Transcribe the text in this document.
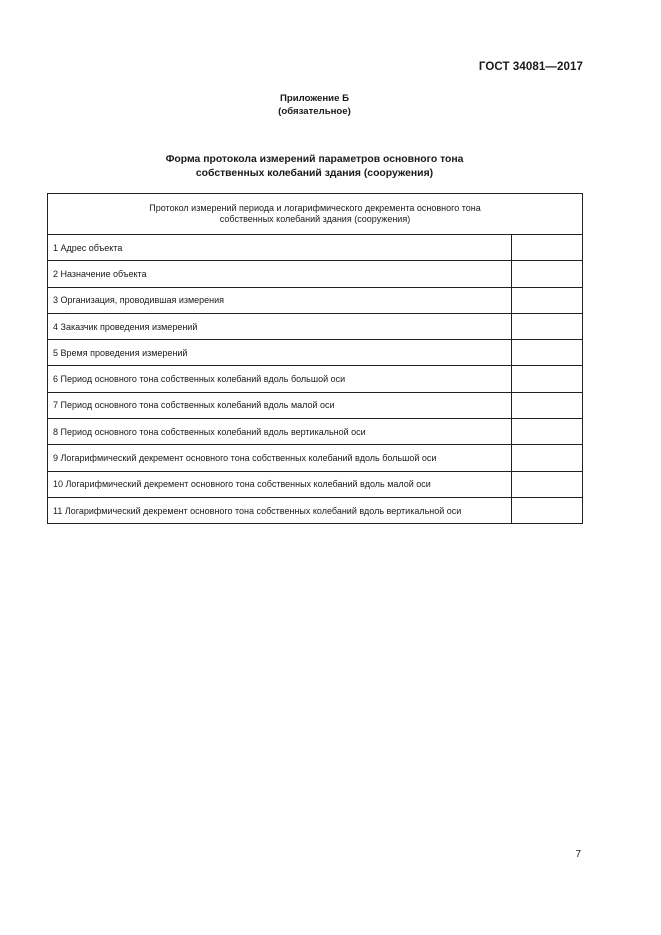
ГОСТ 34081—2017
Приложение Б
(обязательное)
Форма протокола измерений параметров основного тона
собственных колебаний здания (сооружения)
Протокол измерений периода и логарифмического декремента основного тона
собственных колебаний здания (сооружения)	

1 Адрес объекта	
2 Назначение объекта	
3 Организация, проводившая измерения	
4 Заказчик проведения измерений	
5 Время проведения измерений	
6 Период основного тона собственных колебаний вдоль большой оси	
7 Период основного тона собственных колебаний вдоль малой оси	
8 Период основного тона собственных колебаний вдоль вертикальной оси	
9 Логарифмический декремент основного тона собственных колебаний вдоль большой оси	
10 Логарифмический декремент основного тона собственных колебаний вдоль малой оси	
11 Логарифмический декремент основного тона собственных колебаний вдоль вертикальной оси	
7
